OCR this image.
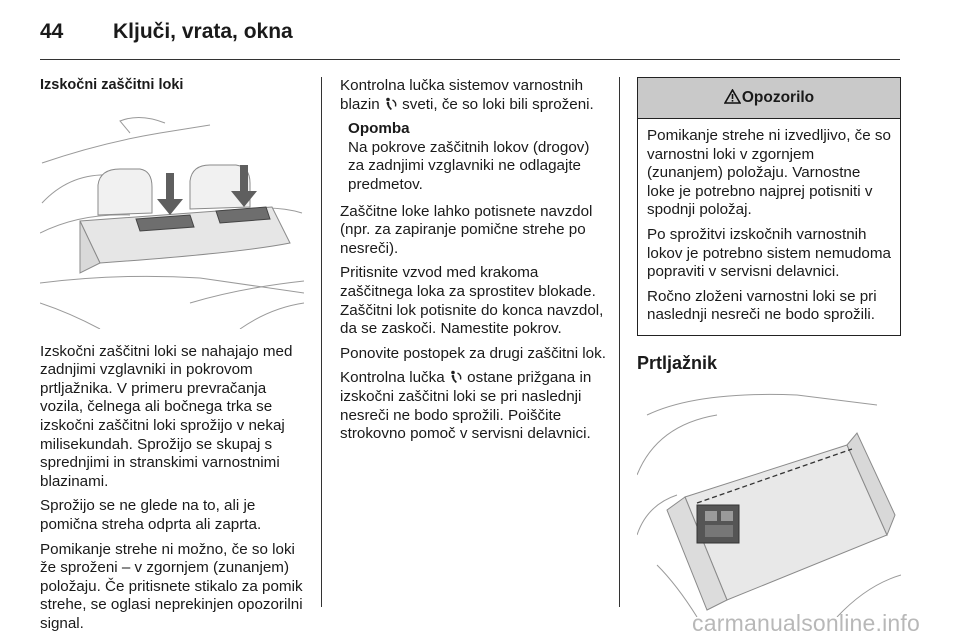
44 Ključi, vrata, okna
Izskočni zaščitni loki

Izskočni zaščitni loki se nahajajo med zadnjimi vzglavniki in pokrovom prtljažnika. V primeru prevračanja vozila, čelnega ali bočnega trka se izskočni zaščitni loki sprožijo v nekaj milisekundah. Sprožijo se skupaj s sprednjimi in stranskimi varnostnimi blazinami.

Sprožijo se ne glede na to, ali je pomična streha odprta ali zaprta.

Pomikanje strehe ni možno, če so loki že sproženi – v zgornjem (zunanjem) položaju. Če pritisnete stikalo za pomik strehe, se oglasi neprekinjen opozorilni signal.

Kontrolna lučka sistemov varnostnih blazin sveti, če so loki bili sproženi.

Opomba
Na pokrove zaščitnih lokov (drogov) za zadnjimi vzglavniki ne odlagajte predmetov.

Zaščitne loke lahko potisnete navzdol (npr. za zapiranje pomične strehe po nesreči).

Pritisnite vzvod med krakoma zaščitnega loka za sprostitev blokade. Zaščitni lok potisnite do konca navzdol, da se zaskoči. Namestite pokrov.

Ponovite postopek za drugi zaščitni lok.

Kontrolna lučka ostane prižgana in izskočni zaščitni loki se pri naslednji nesreči ne bodo sprožili. Poiščite strokovno pomoč v servisni delavnici.

Opozorilo

Pomikanje strehe ni izvedljivo, če so varnostni loki v zgornjem (zunanjem) položaju. Varnostne loke je potrebno najprej potisniti v spodnji položaj.

Po sprožitvi izskočnih varnostnih lokov je potrebno sistem nemudoma popraviti v servisni delavnici.

Ročno zloženi varnostni loki se pri naslednji nesreči ne bodo sprožili.

Prtljažnik
carmanualsonline.info
